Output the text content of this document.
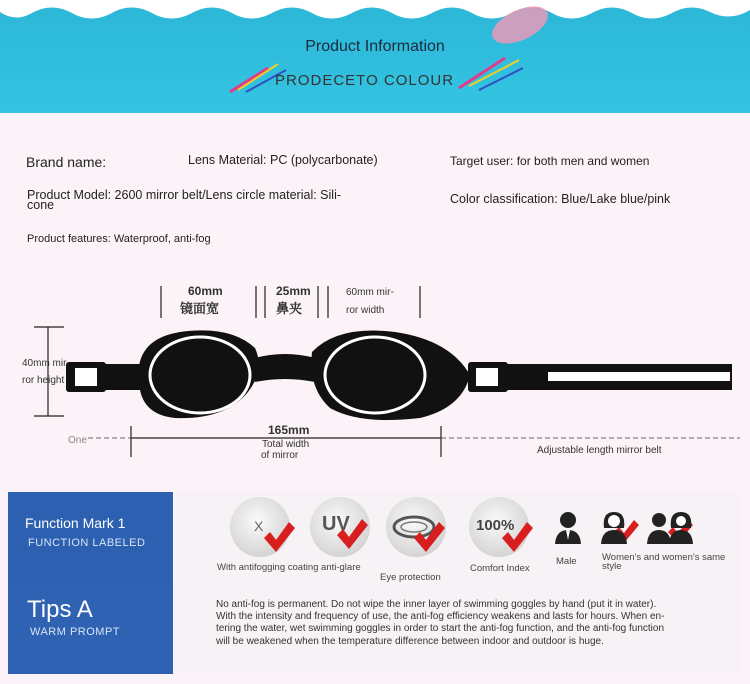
Product Information
PRODECETO COLOUR
Brand name:	Lens Material: PC (polycarbonate)	Target user: for both men and women
Product Model: 2600 mirror belt/Lens circle material: Sili-
cone	Color classification: Blue/Lake blue/pink
Product features: Waterproof, anti-fog
60mm
镜面宽
25mm
鼻夹
60mm mir-
ror width
40mm mir
ror height
165mm
Total width
of mirror
One
Adjustable length mirror belt
Function Mark 1
FUNCTION LABELED
X	UV	100%
With antifogging coating anti-glare
Eye protection
Comfort Index
Male	Women's and women's same
style
Tips A
WARM PROMPT
No anti-fog is permanent. Do not wipe the inner layer of swimming goggles by hand (put it in water).
With the intensity and frequency of use, the anti-fog efficiency weakens and lasts for hours. When en-
tering the water, wet swimming goggles in order to start the anti-fog function, and the anti-fog function
will be weakened when the temperature difference between indoor and outdoor is huge.
